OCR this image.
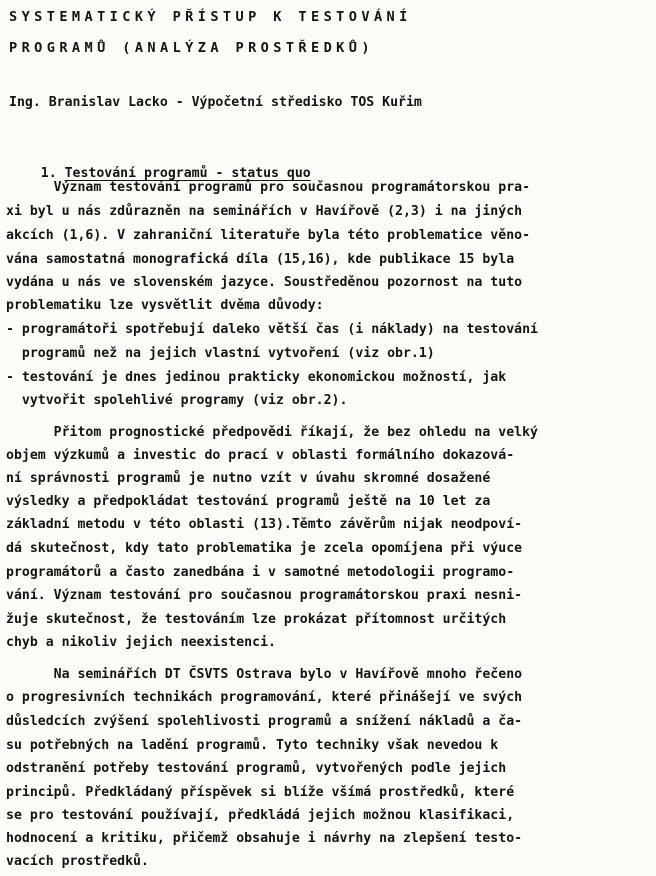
SYSTEMATICKÝ PŘÍSTUP K TESTOVÁNÍ
PROGRAMŮ (ANALÝZA PROSTŘEDKŮ)
Ing. Branislav Lacko - Výpočetní středisko TOS Kuřim

1. Testování programů - status quo

Význam testování programů pro současnou programátorskou pra-
xi byl u nás zdůrazněn na seminářích v Havířově (2,3) i na jiných
akcích (1,6). V zahraniční literatuře byla této problematice věno-
vána samostatná monografická díla (15,16), kde publikace 15 byla
vydána u nás ve slovenském jazyce. Soustředěnou pozornost na tuto
problematiku lze vysvětlit dvěma důvody:
- programátoři spotřebují daleko větší čas (i náklady) na testování
programů než na jejich vlastní vytvoření (viz obr.1)
- testování je dnes jedinou prakticky ekonomickou možností, jak
vytvořit spolehlivé programy (viz obr.2).
Přitom prognostické předpovědi říkají, že bez ohledu na velký
objem výzkumů a investic do prací v oblasti formálního dokazová-
ní správnosti programů je nutno vzít v úvahu skromné dosažené
výsledky a předpokládat testování programů ještě na 10 let za
základní metodu v této oblasti (13).Těmto závěrům nijak neodpoví-
dá skutečnost, kdy tato problematika je zcela opomíjena při výuce
programátorů a často zanedbána i v samotné metodologii programo-
vání. Význam testování pro současnou programátorskou praxi nesni-
žuje skutečnost, že testováním lze prokázat přítomnost určitých
chyb a nikoliv jejich neexistenci.
Na seminářích DT ČSVTS Ostrava bylo v Havířově mnoho řečeno
o progresivních technikách programování, které přinášejí ve svých
důsledcích zvýšení spolehlivosti programů a snížení nákladů a ča-
su potřebných na ladění programů. Tyto techniky však nevedou k
odstranění potřeby testování programů, vytvořených podle jejich
principů. Předkládaný příspěvek si blíže všímá prostředků, které
se pro testování používají, předkládá jejich možnou klasifikaci,
hodnocení a kritiku, přičemž obsahuje i návrhy na zlepšení testo-
vacích prostředků.
